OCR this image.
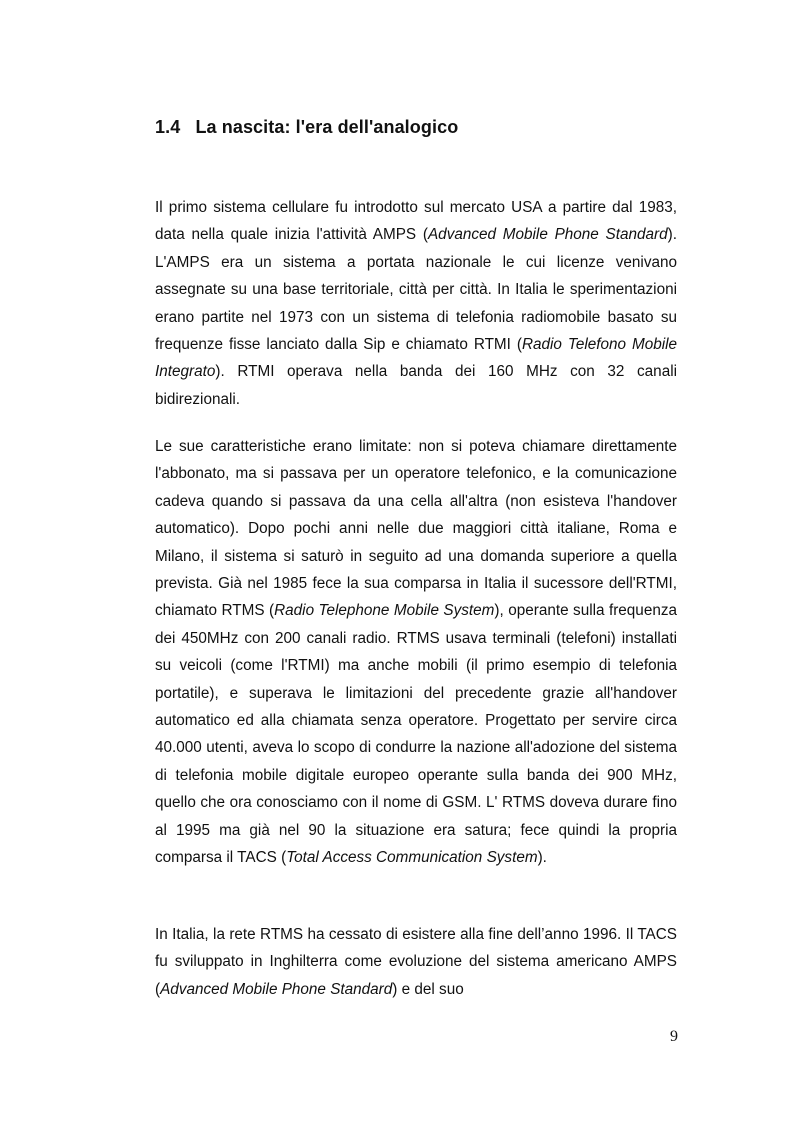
1.4 La nascita: l'era dell'analogico

Il primo sistema cellulare fu introdotto sul mercato USA a partire dal 1983, data nella quale inizia l'attività AMPS (Advanced Mobile Phone Standard). L'AMPS era un sistema a portata nazionale le cui licenze venivano assegnate su una base territoriale, città per città. In Italia le sperimentazioni erano partite nel 1973 con un sistema di telefonia radiomobile basato su frequenze fisse lanciato dalla Sip e chiamato RTMI (Radio Telefono Mobile Integrato). RTMI operava nella banda dei 160 MHz con 32 canali bidirezionali.

Le sue caratteristiche erano limitate: non si poteva chiamare direttamente l'abbonato, ma si passava per un operatore telefonico, e la comunicazione cadeva quando si passava da una cella all'altra (non esisteva l'handover automatico). Dopo pochi anni nelle due maggiori città italiane, Roma e Milano, il sistema si saturò in seguito ad una domanda superiore a quella prevista. Già nel 1985 fece la sua comparsa in Italia il sucessore dell'RTMI, chiamato RTMS (Radio Telephone Mobile System), operante sulla frequenza dei 450MHz con 200 canali radio. RTMS usava terminali (telefoni) installati su veicoli (come l'RTMI) ma anche mobili (il primo esempio di telefonia portatile), e superava le limitazioni del precedente grazie all'handover automatico ed alla chiamata senza operatore. Progettato per servire circa 40.000 utenti, aveva lo scopo di condurre la nazione all'adozione del sistema di telefonia mobile digitale europeo operante sulla banda dei 900 MHz, quello che ora conosciamo con il nome di GSM. L' RTMS doveva durare fino al 1995 ma già nel 90 la situazione era satura; fece quindi la propria comparsa il TACS (Total Access Communication System).

In Italia, la rete RTMS ha cessato di esistere alla fine dell’anno 1996. Il TACS fu sviluppato in Inghilterra come evoluzione del sistema americano AMPS (Advanced Mobile Phone Standard) e del suo

9
